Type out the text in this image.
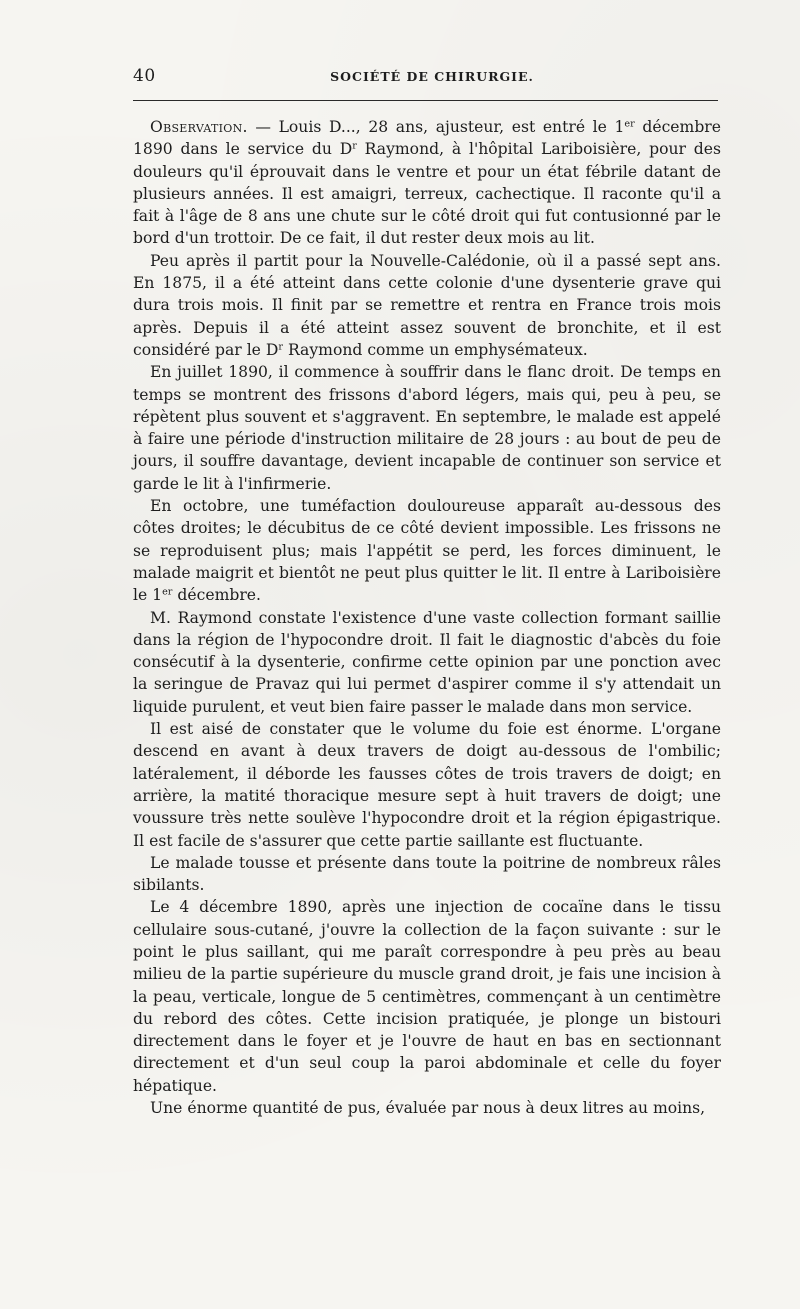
40	SOCIÉTÉ DE CHIRURGIE.

Observation. — Louis D..., 28 ans, ajusteur, est entré le 1er décembre 1890 dans le service du $D^r$ Raymond, à l'hôpital Lariboisière, pour des douleurs qu'il éprouvait dans le ventre et pour un état fébrile datant de plusieurs années. Il est amaigri, terreux, cachectique. Il raconte qu'il a fait à l'âge de 8 ans une chute sur le côté droit qui fut contusionné par le bord d'un trottoir. De ce fait, il dut rester deux mois au lit.

Peu après il partit pour la Nouvelle-Calédonie, où il a passé sept ans. En 1875, il a été atteint dans cette colonie d'une dysenterie grave qui dura trois mois. Il finit par se remettre et rentra en France trois mois après. Depuis il a été atteint assez souvent de bronchite, et il est considéré par le $D^r$ Raymond comme un emphysémateux.

En juillet 1890, il commence à souffrir dans le flanc droit. De temps en temps se montrent des frissons d'abord légers, mais qui, peu à peu, se répètent plus souvent et s'aggravent. En septembre, le malade est appelé à faire une période d'instruction militaire de 28 jours : au bout de peu de jours, il souffre davantage, devient incapable de continuer son service et garde le lit à l'infirmerie.

En octobre, une tuméfaction douloureuse apparaît au-dessous des côtes droites; le décubitus de ce côté devient impossible. Les frissons ne se reproduisent plus; mais l'appétit se perd, les forces diminuent, le malade maigrit et bientôt ne peut plus quitter le lit. Il entre à Lariboisière le 1er décembre.

M. Raymond constate l'existence d'une vaste collection formant saillie dans la région de l'hypocondre droit. Il fait le diagnostic d'abcès du foie consécutif à la dysenterie, confirme cette opinion par une ponction avec la seringue de Pravaz qui lui permet d'aspirer comme il s'y attendait un liquide purulent, et veut bien faire passer le malade dans mon service.

Il est aisé de constater que le volume du foie est énorme. L'organe descend en avant à deux travers de doigt au-dessous de l'ombilic; latéralement, il déborde les fausses côtes de trois travers de doigt; en arrière, la matité thoracique mesure sept à huit travers de doigt; une voussure très nette soulève l'hypocondre droit et la région épigastrique. Il est facile de s'assurer que cette partie saillante est fluctuante.

Le malade tousse et présente dans toute la poitrine de nombreux râles sibilants.

Le 4 décembre 1890, après une injection de cocaïne dans le tissu cellulaire sous-cutané, j'ouvre la collection de la façon suivante : sur le point le plus saillant, qui me paraît correspondre à peu près au beau milieu de la partie supérieure du muscle grand droit, je fais une incision à la peau, verticale, longue de 5 centimètres, commençant à un centimètre du rebord des côtes. Cette incision pratiquée, je plonge un bistouri directement dans le foyer et je l'ouvre de haut en bas en sectionnant directement et d'un seul coup la paroi abdominale et celle du foyer hépatique.

Une énorme quantité de pus, évaluée par nous à deux litres au moins,
